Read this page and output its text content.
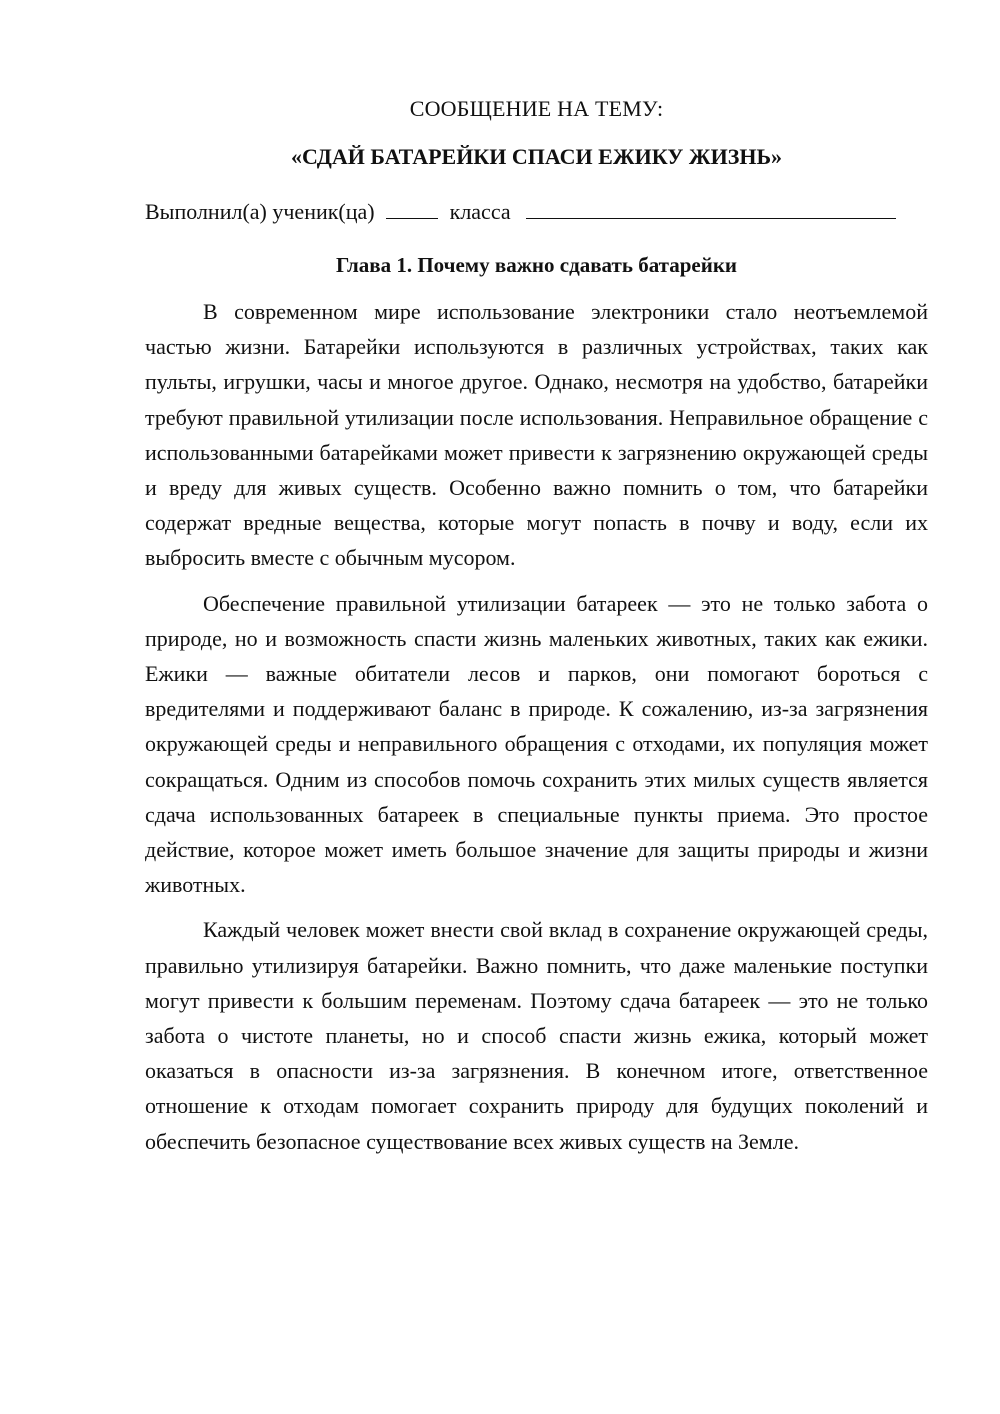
СООБЩЕНИЕ НА ТЕМУ:

«СДАЙ БАТАРЕЙКИ СПАСИ ЕЖИКУ ЖИЗНЬ»

Выполнил(а) ученик(ца)	класса

Глава 1. Почему важно сдавать батарейки

В современном мире использование электроники стало неотъемлемой частью жизни. Батарейки используются в различных устройствах, таких как пульты, игрушки, часы и многое другое. Однако, несмотря на удобство, батарейки требуют правильной утилизации после использования. Неправильное обращение с использованными батарейками может привести к загрязнению окружающей среды и вреду для живых существ. Особенно важно помнить о том, что батарейки содержат вредные вещества, которые могут попасть в почву и воду, если их выбросить вместе с обычным мусором.

Обеспечение правильной утилизации батареек — это не только забота о природе, но и возможность спасти жизнь маленьких животных, таких как ежики. Ежики — важные обитатели лесов и парков, они помогают бороться с вредителями и поддерживают баланс в природе. К сожалению, из-за загрязнения окружающей среды и неправильного обращения с отходами, их популяция может сокращаться. Одним из способов помочь сохранить этих милых существ является сдача использованных батареек в специальные пункты приема. Это простое действие, которое может иметь большое значение для защиты природы и жизни животных.

Каждый человек может внести свой вклад в сохранение окружающей среды, правильно утилизируя батарейки. Важно помнить, что даже маленькие поступки могут привести к большим переменам. Поэтому сдача батареек — это не только забота о чистоте планеты, но и способ спасти жизнь ежика, который может оказаться в опасности из-за загрязнения. В конечном итоге, ответственное отношение к отходам помогает сохранить природу для будущих поколений и обеспечить безопасное существование всех живых существ на Земле.
